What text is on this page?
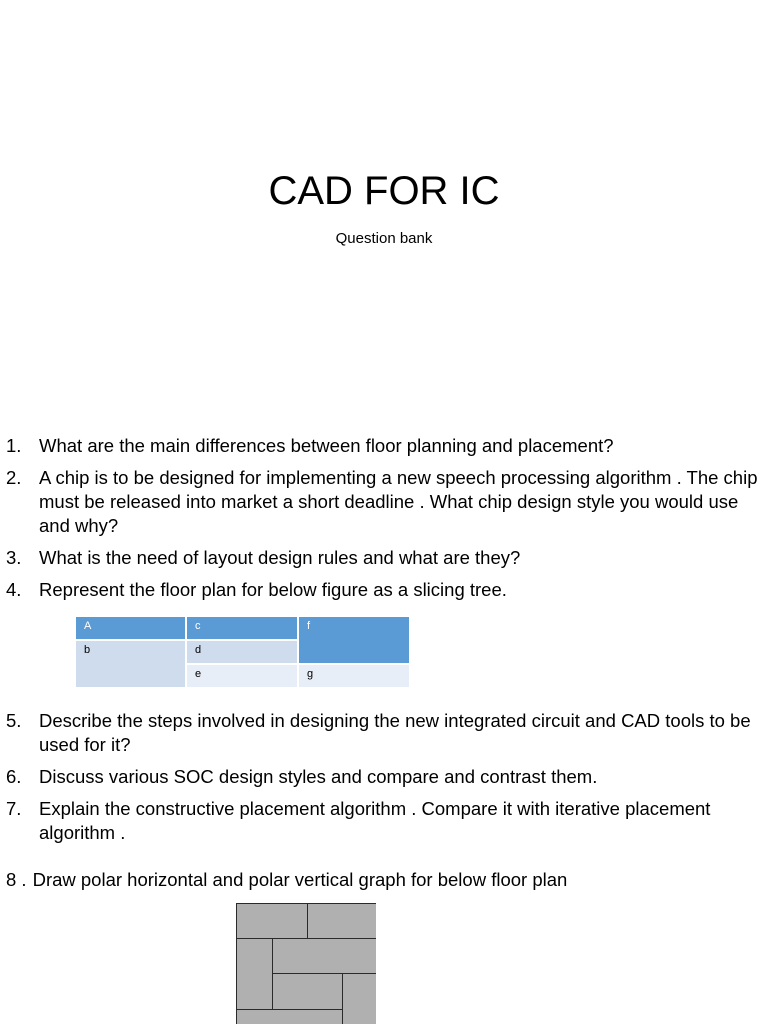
CAD FOR IC
Question bank
1. What are the main differences between floor planning and placement?
2. A chip is to be designed for implementing a new speech processing algorithm . The chip must be released into market a short deadline . What chip design style you would use and why?
3. What is the need of layout design rules and what are they?
4. Represent the floor plan for below figure as a slicing tree.
A	c	f
b	d	
	e	g
5. Describe the steps involved in designing the new integrated circuit and CAD tools to be used for it?
6. Discuss various SOC design styles and compare and contrast them.
7. Explain the constructive placement algorithm . Compare it with iterative placement algorithm .
8 . Draw polar horizontal and polar vertical graph for below floor plan
